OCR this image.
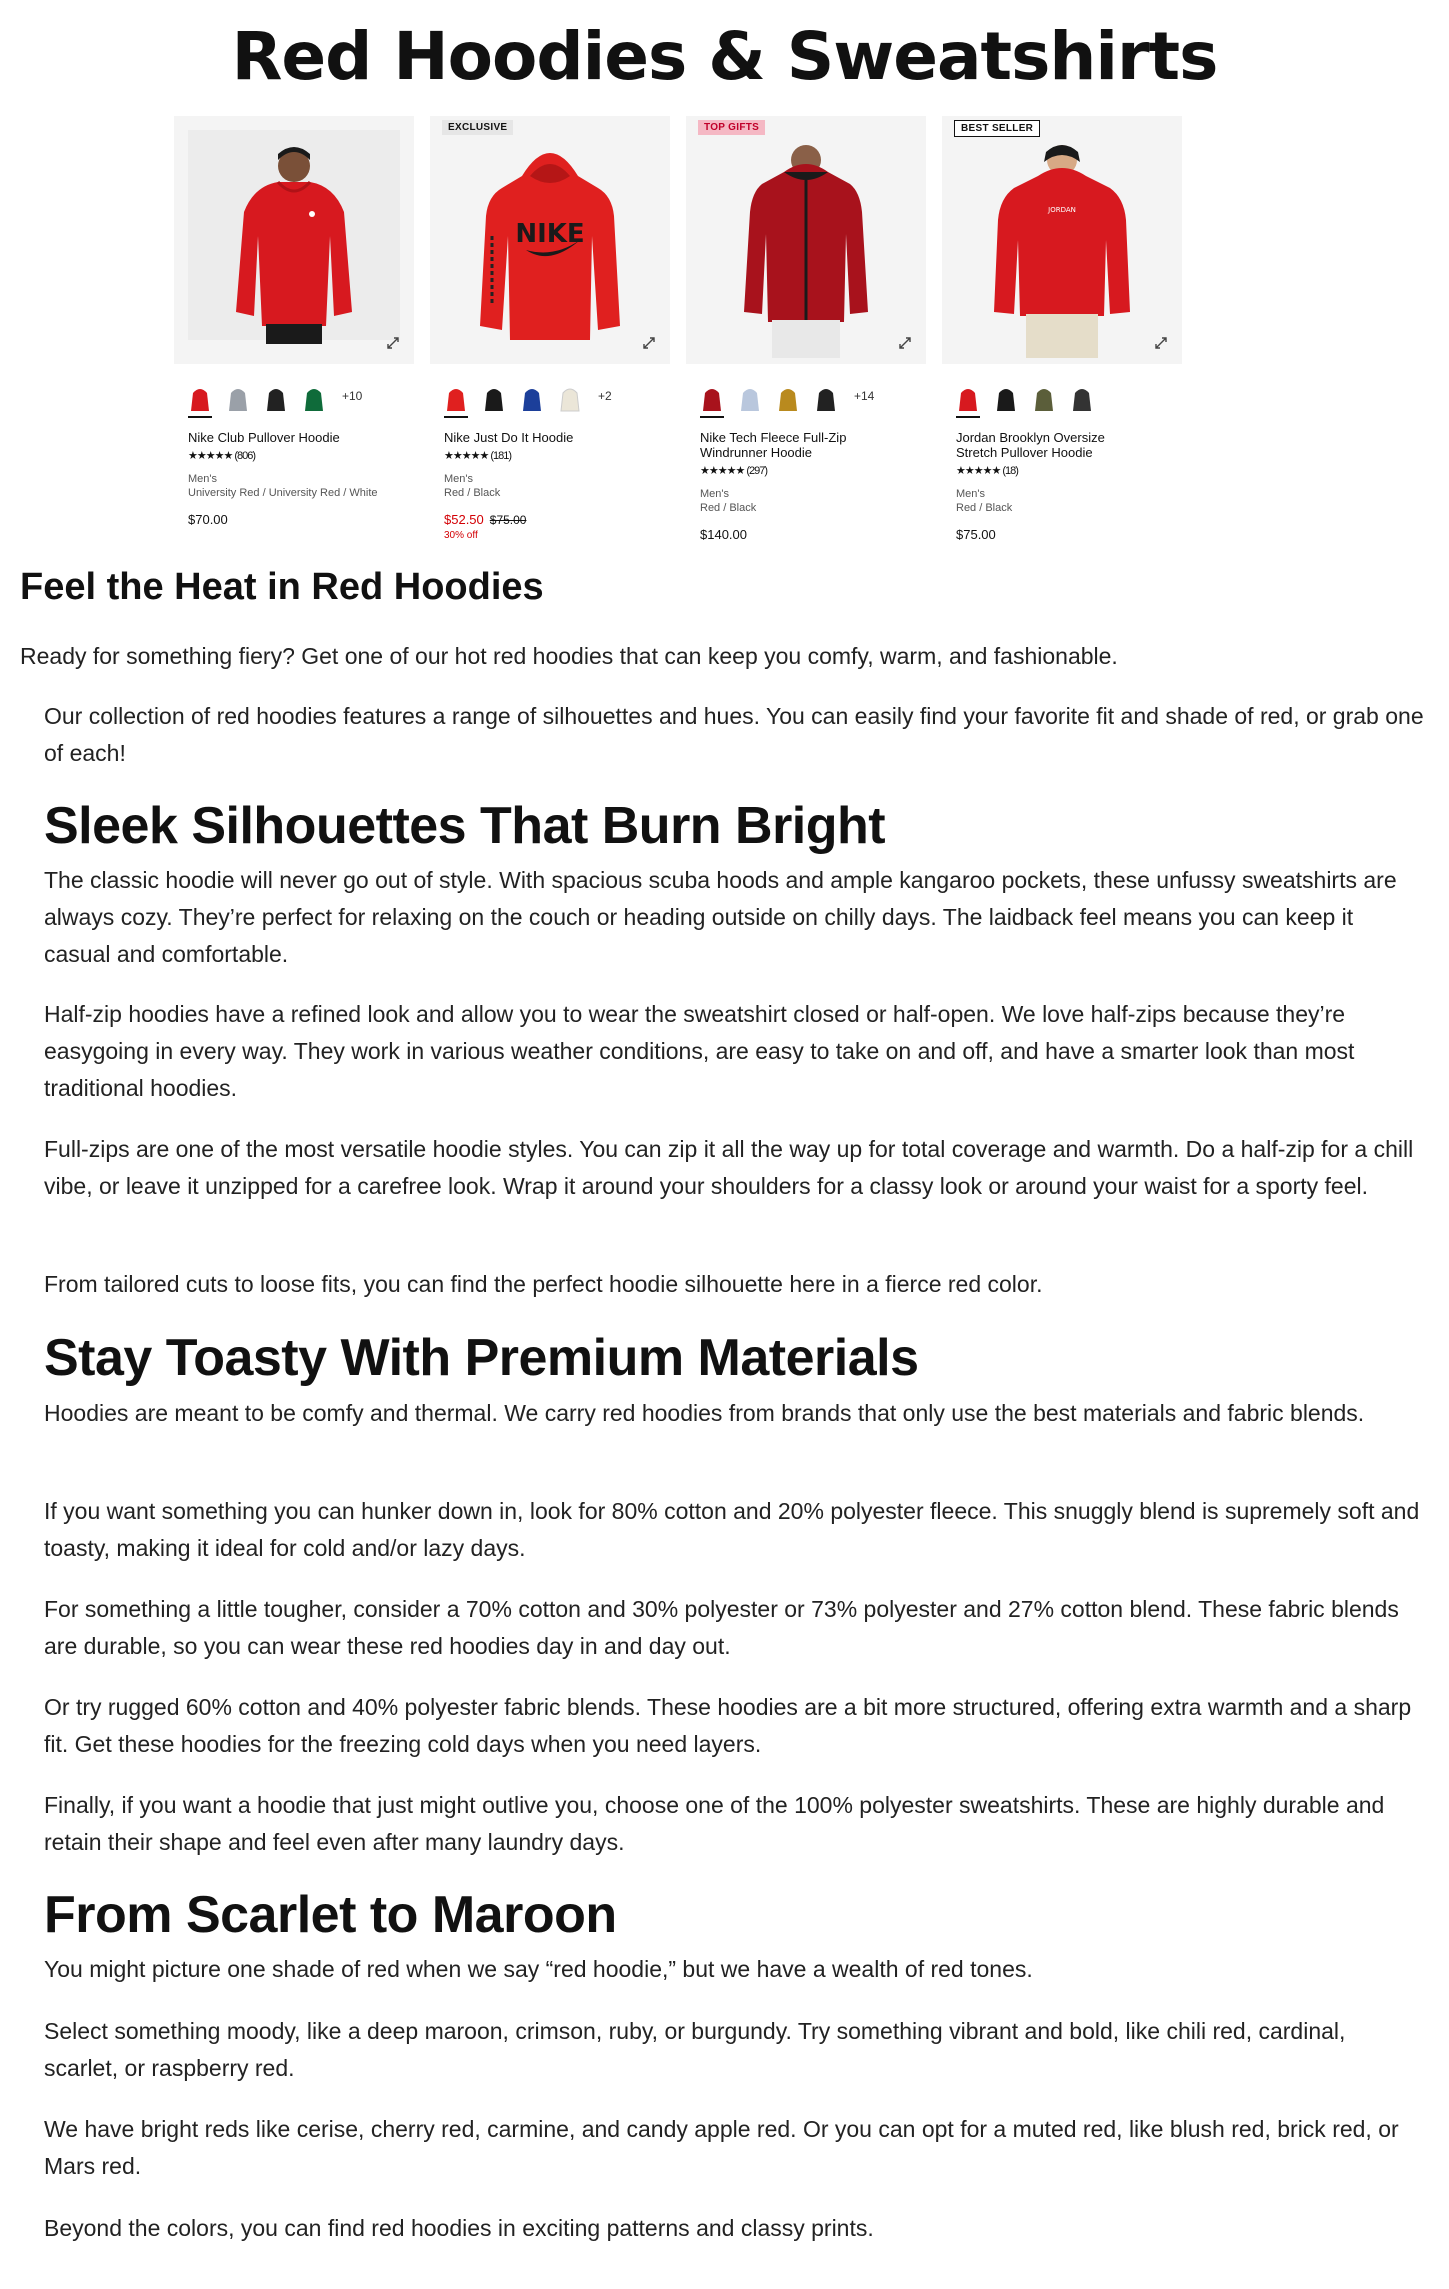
Red Hoodies & Sweatshirts
+10
Nike Club Pullover Hoodie
★★★★★ (806)
Men's
University Red / University Red / White
$70.00
NIKE
EXCLUSIVE
+2
Nike Just Do It Hoodie
★★★★★ (181)
Men's
Red / Black
$52.50 $75.00
30% off
TOP GIFTS
+14
Nike Tech Fleece Full-Zip
Windrunner Hoodie
★★★★★ (297)
Men's
Red / Black
$140.00
JORDAN
BEST SELLER
Jordan Brooklyn Oversize
Stretch Pullover Hoodie
★★★★★ (18)
Men's
Red / Black
$75.00
Feel the Heat in Red Hoodies
Ready for something fiery? Get one of our hot red hoodies that can keep you comfy, warm, and fashionable.
Our collection of red hoodies features a range of silhouettes and hues. You can easily find your favorite fit and shade of red, or grab one of each!
Sleek Silhouettes That Burn Bright
The classic hoodie will never go out of style. With spacious scuba hoods and ample kangaroo pockets, these unfussy sweatshirts are always cozy. They’re perfect for relaxing on the couch or heading outside on chilly days. The laidback feel means you can keep it casual and comfortable.
Half-zip hoodies have a refined look and allow you to wear the sweatshirt closed or half-open. We love half-zips because they’re easygoing in every way. They work in various weather conditions, are easy to take on and off, and have a smarter look than most traditional hoodies.
Full-zips are one of the most versatile hoodie styles. You can zip it all the way up for total coverage and warmth. Do a half-zip for a chill vibe, or leave it unzipped for a carefree look. Wrap it around your shoulders for a classy look or around your waist for a sporty feel.
From tailored cuts to loose fits, you can find the perfect hoodie silhouette here in a fierce red color.
Stay Toasty With Premium Materials
Hoodies are meant to be comfy and thermal. We carry red hoodies from brands that only use the best materials and fabric blends.
If you want something you can hunker down in, look for 80% cotton and 20% polyester fleece. This snuggly blend is supremely soft and toasty, making it ideal for cold and/or lazy days.
For something a little tougher, consider a 70% cotton and 30% polyester or 73% polyester and 27% cotton blend. These fabric blends are durable, so you can wear these red hoodies day in and day out.
Or try rugged 60% cotton and 40% polyester fabric blends. These hoodies are a bit more structured, offering extra warmth and a sharp fit. Get these hoodies for the freezing cold days when you need layers.
Finally, if you want a hoodie that just might outlive you, choose one of the 100% polyester sweatshirts. These are highly durable and retain their shape and feel even after many laundry days.
From Scarlet to Maroon
You might picture one shade of red when we say “red hoodie,” but we have a wealth of red tones.
Select something moody, like a deep maroon, crimson, ruby, or burgundy. Try something vibrant and bold, like chili red, cardinal, scarlet, or raspberry red.
We have bright reds like cerise, cherry red, carmine, and candy apple red. Or you can opt for a muted red, like blush red, brick red, or Mars red.
Beyond the colors, you can find red hoodies in exciting patterns and classy prints.
